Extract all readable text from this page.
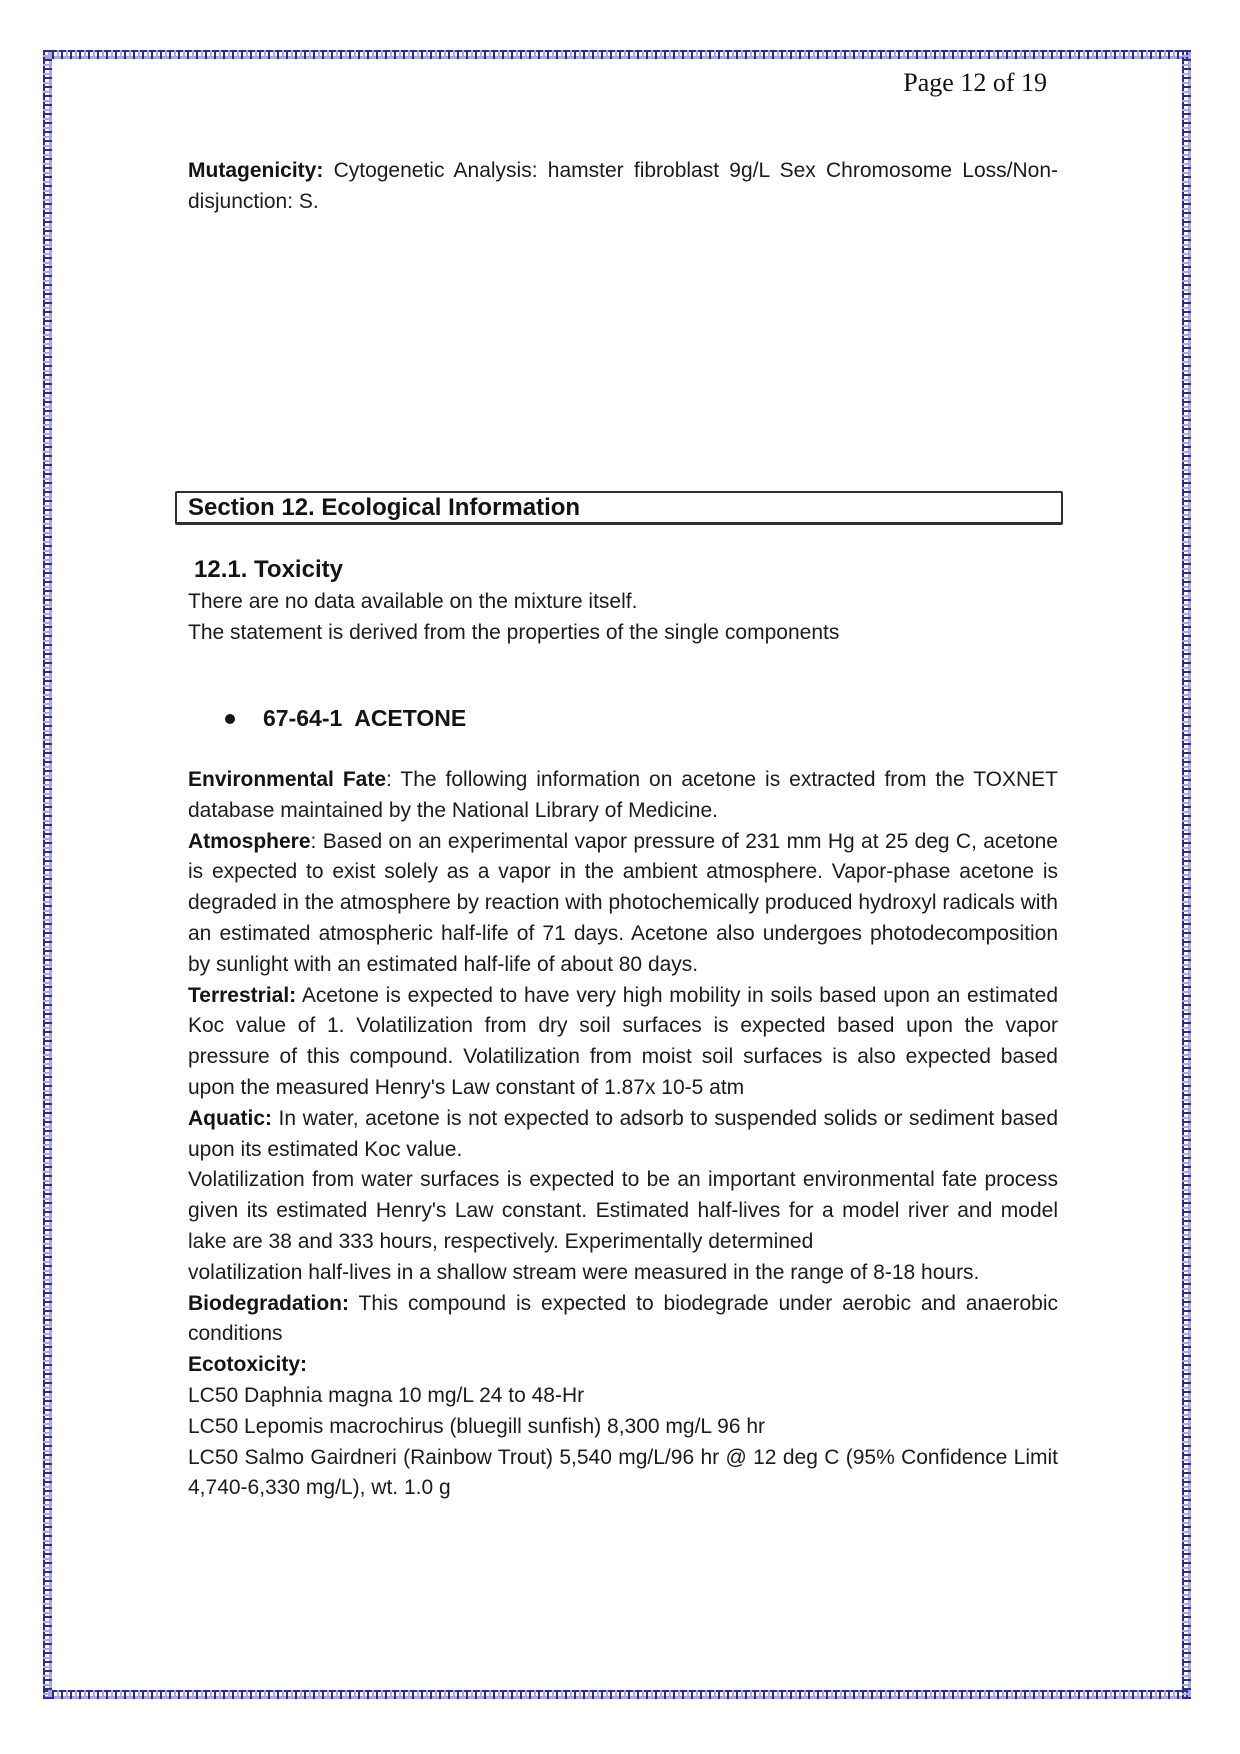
Page 12 of 19

Mutagenicity: Cytogenetic Analysis: hamster fibroblast 9g/L Sex Chromosome Loss/Non-disjunction: S.

Section 12. Ecological Information
12.1. Toxicity
There are no data available on the mixture itself.
The statement is derived from the properties of the single components
67-64-1  ACETONE

Environmental Fate: The following information on acetone is extracted from the TOXNET database maintained by the National Library of Medicine.

Atmosphere: Based on an experimental vapor pressure of 231 mm Hg at 25 deg C, acetone is expected to exist solely as a vapor in the ambient atmosphere. Vapor-phase acetone is degraded in the atmosphere by reaction with photochemically produced hydroxyl radicals with an estimated atmospheric half-life of 71 days. Acetone also undergoes photodecomposition by sunlight with an estimated half-life of about 80 days.

Terrestrial: Acetone is expected to have very high mobility in soils based upon an estimated Koc value of 1. Volatilization from dry soil surfaces is expected based upon the vapor pressure of this compound. Volatilization from moist soil surfaces is also expected based upon the measured Henry's Law constant of 1.87x 10-5 atm

Aquatic: In water, acetone is not expected to adsorb to suspended solids or sediment based upon its estimated Koc value.

Volatilization from water surfaces is expected to be an important environmental fate process given its estimated Henry's Law constant. Estimated half-lives for a model river and model lake are 38 and 333 hours, respectively. Experimentally determined

volatilization half-lives in a shallow stream were measured in the range of 8-18 hours.

Biodegradation: This compound is expected to biodegrade under aerobic and anaerobic conditions

Ecotoxicity:

LC50 Daphnia magna 10 mg/L 24 to 48-Hr

LC50 Lepomis macrochirus (bluegill sunfish) 8,300 mg/L 96 hr

LC50 Salmo Gairdneri (Rainbow Trout) 5,540 mg/L/96 hr @ 12 deg C (95% Confidence Limit 4,740-6,330 mg/L), wt. 1.0 g
